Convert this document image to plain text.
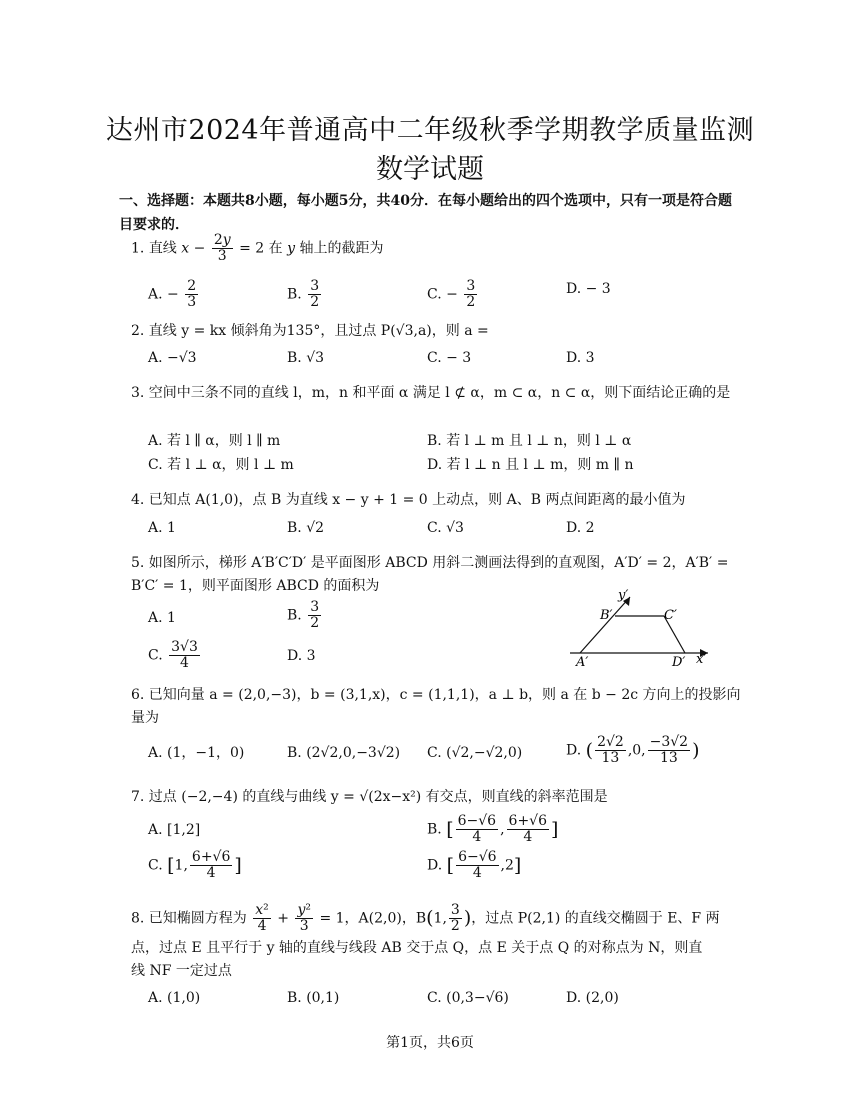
达州市2024年普通高中二年级秋季学期教学质量监测
数学试题
一、选择题：本题共8小题，每小题5分，共40分．在每小题给出的四个选项中，只有一项是符合题目要求的．
1. 直线 $x - \frac{2y}{3} = 2$ 在 y 轴上的截距为
A. − $\frac{2}{3}$	B. $\frac{3}{2}$	C. − $\frac{3}{2}$	D. − 3
2. 直线 y = kx 倾斜角为135°，且过点 P(√3,a)，则 a =
A. −√3	B. √3	C. − 3	D. 3
3. 空间中三条不同的直线 l，m，n 和平面 α 满足 l ⊄ α，m ⊂ α，n ⊂ α，则下面结论正确的是
A. 若 l ∥ α，则 l ∥ m	B. 若 l ⊥ m 且 l ⊥ n，则 l ⊥ α
C. 若 l ⊥ α，则 l ⊥ m	D. 若 l ⊥ n 且 l ⊥ m，则 m ∥ n
4. 已知点 A(1,0)，点 B 为直线 x − y + 1 = 0 上动点，则 A、B 两点间距离的最小值为
A. 1	B. √2	C. √3	D. 2
5. 如图所示，梯形 A′B′C′D′ 是平面图形 ABCD 用斜二测画法得到的直观图，A′D′ = 2，A′B′ = B′C′ = 1，则平面图形 ABCD 的面积为
A. 1	B. $\frac{3}{2}$
C. $\frac{3√3}{4}$	D. 3
y′
B′	C′
A′	D′ x′
6. 已知向量 a = (2,0,−3)，b = (3,1,x)，c = (1,1,1)，a ⊥ b，则 a 在 b − 2c 方向上的投影向量为
A. (1，−1，0)	B. (2√2,0,−3√2) C. (√2,−√2,0)	D. ( $\frac{2√2}{13} ,0$, $\frac{-3√2}{13}$ )
7. 过点 (−2,−4) 的直线与曲线 y = √(2x−x²) 有交点，则直线的斜率范围是
A. [1,2]	B. [ $\frac{6-√6}{4}$ , $\frac{6+√6}{4}$ ]
C. [1, $\frac{6+√6}{4}$ ]	D. [ $\frac{6-√6}{4} ,2$]
8. 已知椭圆方程为 $\frac{\text{x²}}{4} + \frac{\text{y²}}{3} = 1$，A(2,0)，B(1, $\frac{3}{2}$ )，过点 P(2,1) 的直线交椭圆于 E、F 两
点，过点 E 且平行于 y 轴的直线与线段 AB 交于点 Q，点 E 关于点 Q 的对称点为 N，则直
线 NF 一定过点
A. (1,0)	B. (0,1)	C. (0,3−√6)	D. (2,0)
第1页，共6页
